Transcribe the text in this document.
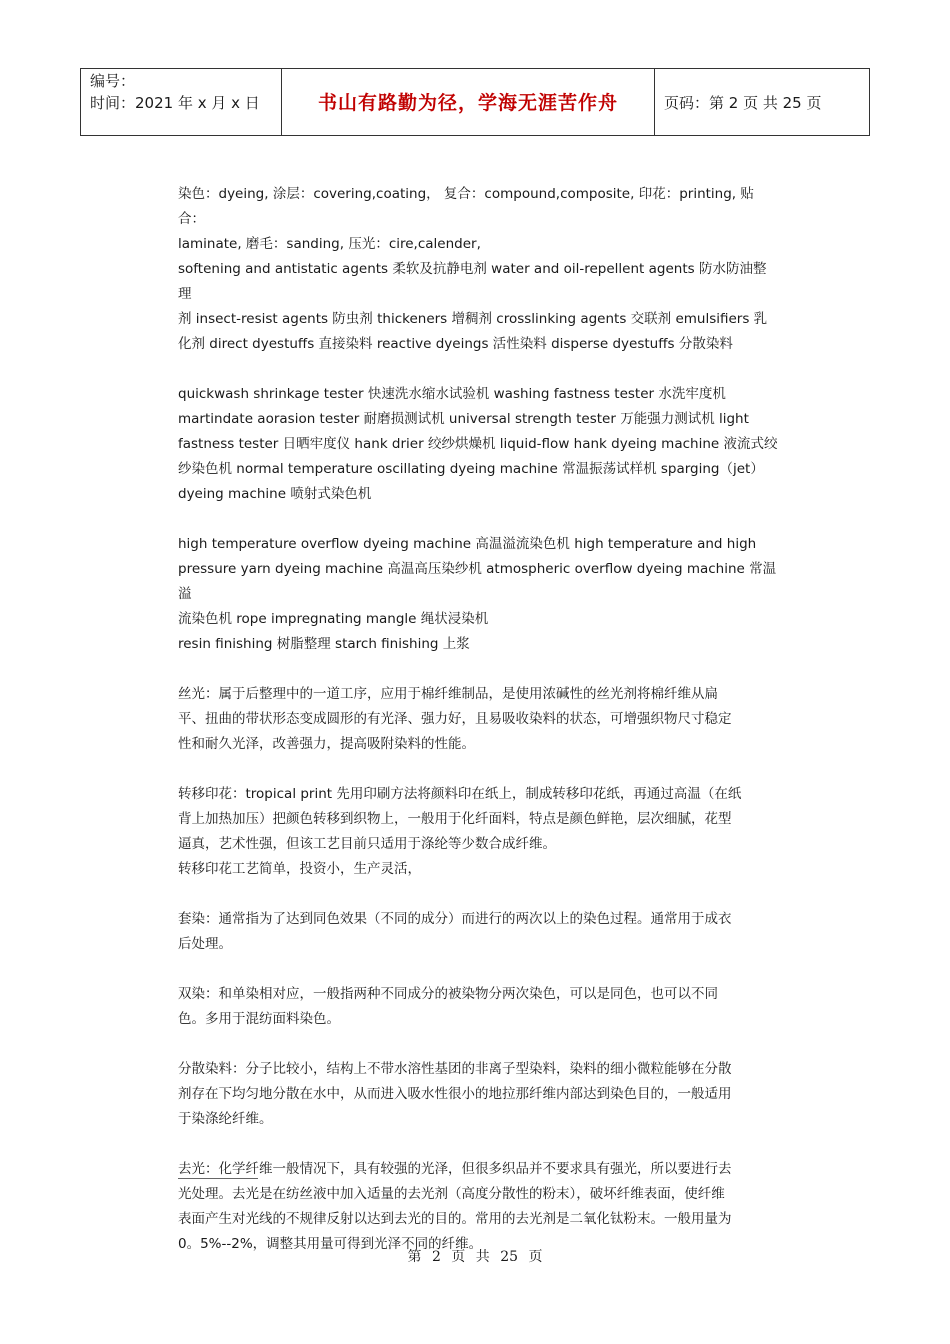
编号：
时间：2021 年 x 月 x 日	书山有路勤为径，学海无涯苦作舟	页码：第 2 页 共 25 页

染色：dyeing, 涂层：covering,coating， 复合：compound,composite, 印花：printing, 贴合：
laminate, 磨毛：sanding, 压光：cire,calender,
softening and antistatic agents 柔软及抗静电剂 water and oil-repellent agents 防水防油整理
剂 insect-resist agents 防虫剂 thickeners 增稠剂 crosslinking agents 交联剂 emulsifiers 乳
化剂 direct dyestuffs 直接染料 reactive dyeings 活性染料 disperse dyestuffs 分散染料

quickwash shrinkage tester 快速洗水缩水试验机 washing fastness tester 水洗牢度机
martindate aorasion tester 耐磨损测试机 universal strength tester 万能强力测试机 light
fastness tester 日晒牢度仪 hank drier 绞纱烘燥机 liquid-flow hank dyeing machine 液流式绞
纱染色机 normal temperature oscillating dyeing machine 常温振荡试样机 sparging（jet）
dyeing machine 喷射式染色机

high temperature overflow dyeing machine 高温溢流染色机 high temperature and high
pressure yarn dyeing machine 高温高压染纱机 atmospheric overflow dyeing machine 常温溢
流染色机 rope impregnating mangle 绳状浸染机
resin finishing 树脂整理 starch finishing 上浆

丝光：属于后整理中的一道工序，应用于棉纤维制品，是使用浓碱性的丝光剂将棉纤维从扁
平、扭曲的带状形态变成圆形的有光泽、强力好，且易吸收染料的状态，可增强织物尺寸稳定
性和耐久光泽，改善强力，提高吸附染料的性能。

转移印花：tropical print 先用印刷方法将颜料印在纸上，制成转移印花纸，再通过高温（在纸
背上加热加压）把颜色转移到织物上，一般用于化纤面料，特点是颜色鲜艳，层次细腻，花型
逼真，艺术性强，但该工艺目前只适用于涤纶等少数合成纤维。
转移印花工艺简单，投资小，生产灵活，

套染：通常指为了达到同色效果（不同的成分）而进行的两次以上的染色过程。通常用于成衣
后处理。

双染：和单染相对应，一般指两种不同成分的被染物分两次染色，可以是同色，也可以不同
色。多用于混纺面料染色。

分散染料：分子比较小，结构上不带水溶性基团的非离子型染料，染料的细小微粒能够在分散
剂存在下均匀地分散在水中，从而进入吸水性很小的地拉那纤维内部达到染色目的，一般适用
于染涤纶纤维。

去光：化学纤维一般情况下，具有较强的光泽，但很多织品并不要求具有强光，所以要进行去
光处理。去光是在纺丝液中加入适量的去光剂（高度分散性的粉末），破坏纤维表面，使纤维
表面产生对光线的不规律反射以达到去光的目的。常用的去光剂是二氧化钛粉末。一般用量为
0。5%--2%，调整其用量可得到光泽不同的纤维。

第 2 页 共 25 页
